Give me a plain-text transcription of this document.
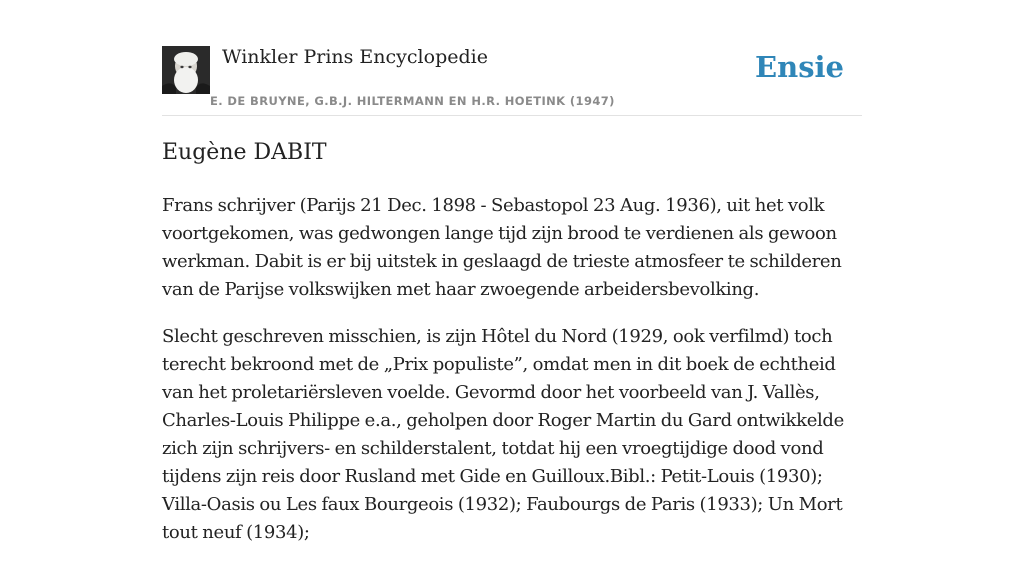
Winkler Prins Encyclopedie
E. DE BRUYNE, G.B.J. HILTERMANN EN H.R. HOETINK (1947)
Ensie
Eugène DABIT

Frans schrijver (Parijs 21 Dec. 1898 - Sebastopol 23 Aug. 1936), uit het volk voortgekomen, was gedwongen lange tijd zijn brood te verdienen als gewoon werkman. Dabit is er bij uitstek in geslaagd de trieste atmosfeer te schilderen van de Parijse volkswijken met haar zwoegende arbeidersbevolking.

Slecht geschreven misschien, is zijn Hôtel du Nord (1929, ook verfilmd) toch terecht bekroond met de „Prix populiste”, omdat men in dit boek de echtheid van het proletariërsleven voelde. Gevormd door het voorbeeld van J. Vallès, Charles-Louis Philippe e.a., geholpen door Roger Martin du Gard ontwikkelde zich zijn schrijvers- en schilderstalent, totdat hij een vroegtijdige dood vond tijdens zijn reis door Rusland met Gide en Guilloux.Bibl.: Petit-Louis (1930); Villa-Oasis ou Les faux Bourgeois (1932); Faubourgs de Paris (1933); Un Mort tout neuf (1934);
